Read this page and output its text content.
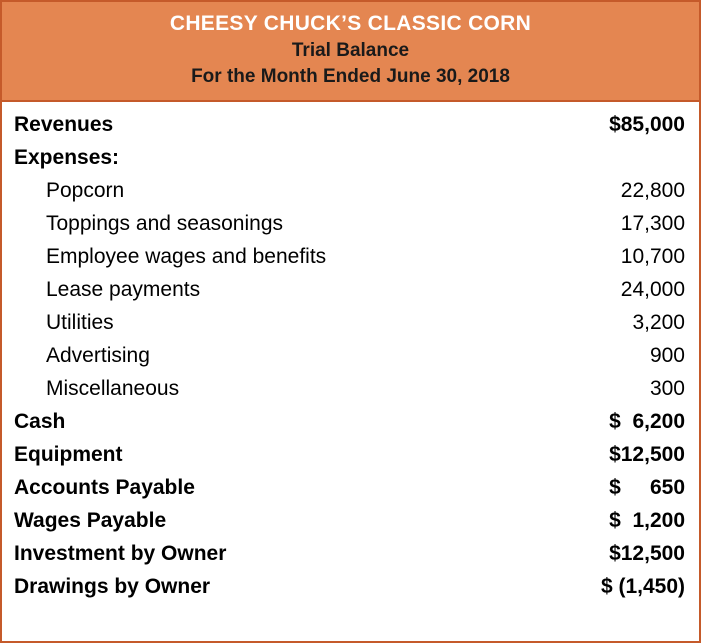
CHEESY CHUCK’S CLASSIC CORN
Trial Balance
For the Month Ended June 30, 2018
Revenues	$85,000
Expenses:	
Popcorn	22,800
Toppings and seasonings	17,300
Employee wages and benefits	10,700
Lease payments	24,000
Utilities	3,200
Advertising	900
Miscellaneous	300
Cash	$  6,200
Equipment	$12,500
Accounts Payable	$     650
Wages Payable	$  1,200
Investment by Owner	$12,500
Drawings by Owner	$ (1,450)
